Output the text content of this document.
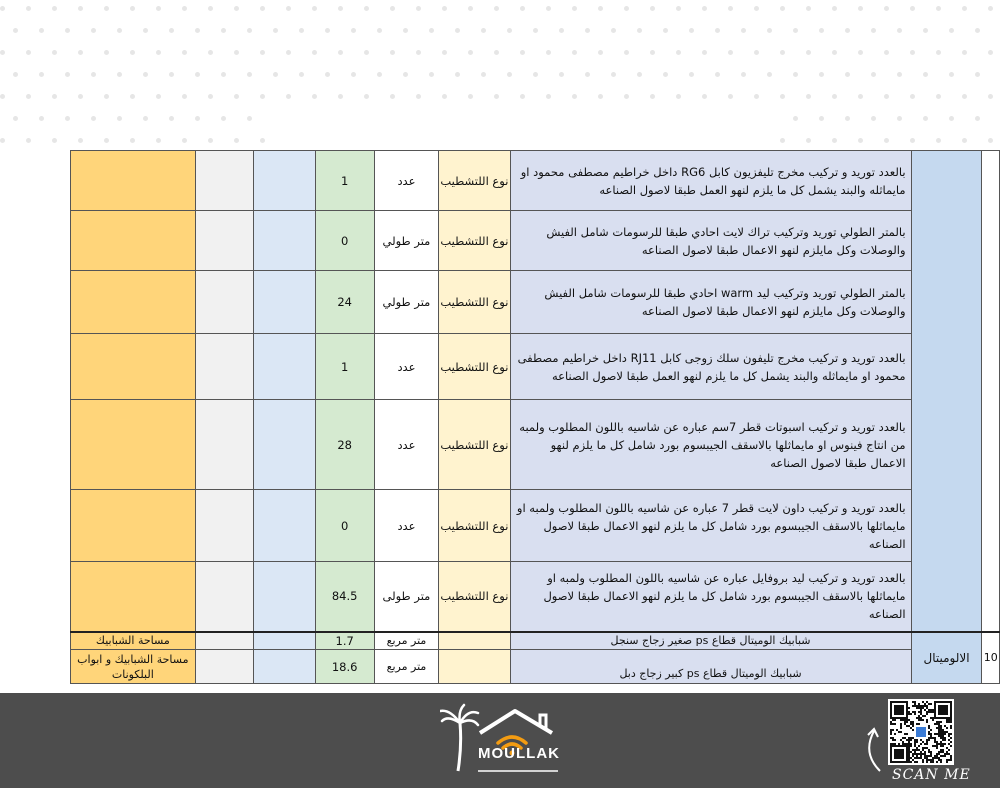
			1	عدد	نوع اللتشطيب	بالعدد توريد و تركيب مخرج تليفزيون كابل RG6 داخل خراطيم مصطفى محمود او مايماثله والبند يشمل كل ما يلزم لنهو العمل طبقا لاصول الصناعه		

			0	متر طولي	نوع اللتشطيب	بالمتر الطولي توريد وتركيب تراك لايت احادي طبقا للرسومات شامل الفيش والوصلات وكل مايلزم لنهو الاعمال طبقا لاصول الصناعه		

			24	متر طولي	نوع اللتشطيب	بالمتر الطولي توريد وتركيب ليد warm احادي طبقا للرسومات شامل الفيش والوصلات وكل مايلزم لنهو الاعمال طبقا لاصول الصناعه		

			1	عدد	نوع اللتشطيب	بالعدد توريد و تركيب مخرج تليفون سلك زوجى كابل RJ11 داخل خراطيم مصطفى محمود او مايماثله والبند يشمل كل ما يلزم لنهو العمل طبقا لاصول الصناعه		

			28	عدد	نوع اللتشطيب	بالعدد توريد و تركيب اسبوتات قطر 7سم عباره عن شاسيه باللون المطلوب ولمبه من انتاج فينوس او مايماثلها بالاسقف الجيبسوم بورد شامل كل ما يلزم لنهو الاعمال طبقا لاصول الصناعه		

			0	عدد	نوع اللتشطيب	بالعدد توريد و تركيب داون لايت قطر 7 عباره عن شاسيه باللون المطلوب ولمبه او مايماثلها بالاسقف الجيبسوم بورد شامل كل ما يلزم لنهو الاعمال طبقا لاصول الصناعه		

			84.5	متر طولى	نوع اللتشطيب	بالعدد توريد و تركيب ليد بروفايل عباره عن شاسيه باللون المطلوب ولمبه او مايماثلها بالاسقف الجيبسوم بورد شامل كل ما يلزم لنهو الاعمال طبقا لاصول الصناعه		

مساحة الشبابيك			1.7	متر مربع		شبابيك الوميتال قطاع ps صغير زجاج سنجل	الالوميتال	10
مساحة الشبابيك و ابواب البلكونات			18.6	متر مربع		شبابيك الوميتال قطاع ps كبير زجاج دبل		
MOULLAK
SCAN ME
